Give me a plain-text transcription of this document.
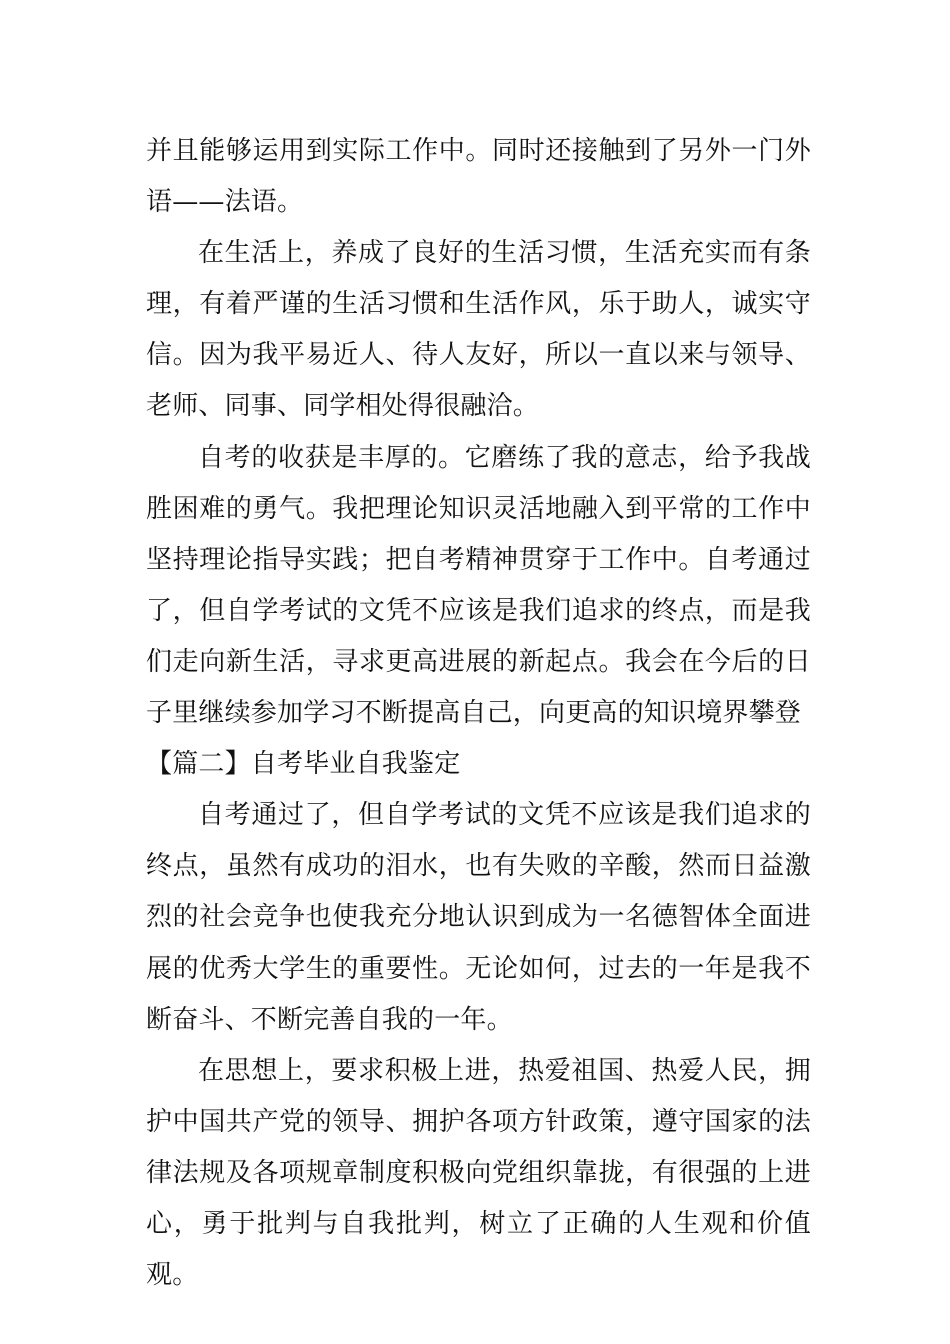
并且能够运用到实际工作中。同时还接触到了另外一门外语——法语。

在生活上，养成了良好的生活习惯，生活充实而有条理，有着严谨的生活习惯和生活作风，乐于助人，诚实守信。因为我平易近人、待人友好，所以一直以来与领导、老师、同事、同学相处得很融洽。

自考的收获是丰厚的。它磨练了我的意志，给予我战胜困难的勇气。我把理论知识灵活地融入到平常的工作中坚持理论指导实践；把自考精神贯穿于工作中。自考通过了，但自学考试的文凭不应该是我们追求的终点，而是我们走向新生活，寻求更高进展的新起点。我会在今后的日子里继续参加学习不断提高自己，向更高的知识境界攀登

【篇二】自考毕业自我鉴定

自考通过了，但自学考试的文凭不应该是我们追求的终点，虽然有成功的泪水，也有失败的辛酸，然而日益激烈的社会竞争也使我充分地认识到成为一名德智体全面进展的优秀大学生的重要性。无论如何，过去的一年是我不断奋斗、不断完善自我的一年。

在思想上，要求积极上进，热爱祖国、热爱人民，拥护中国共产党的领导、拥护各项方针政策，遵守国家的法律法规及各项规章制度积极向党组织靠拢，有很强的上进心，勇于批判与自我批判，树立了正确的人生观和价值观。
